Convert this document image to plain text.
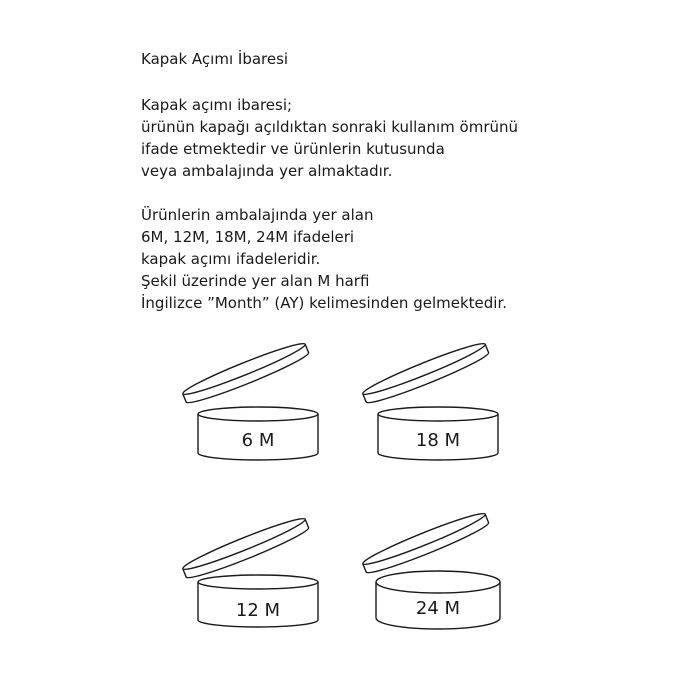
Kapak Açımı İbaresi
Kapak açımı ibaresi;
ürünün kapağı açıldıktan sonraki kullanım ömrünü
ifade etmektedir ve ürünlerin kutusunda
veya ambalajında yer almaktadır.
Ürünlerin ambalajında yer alan
6M, 12M, 18M, 24M ifadeleri
kapak açımı ifadeleridir.
Şekil üzerinde yer alan M harfi
İngilizce ”Month” (AY) kelimesinden gelmektedir.
6 M	18 M
12 M	24 M
